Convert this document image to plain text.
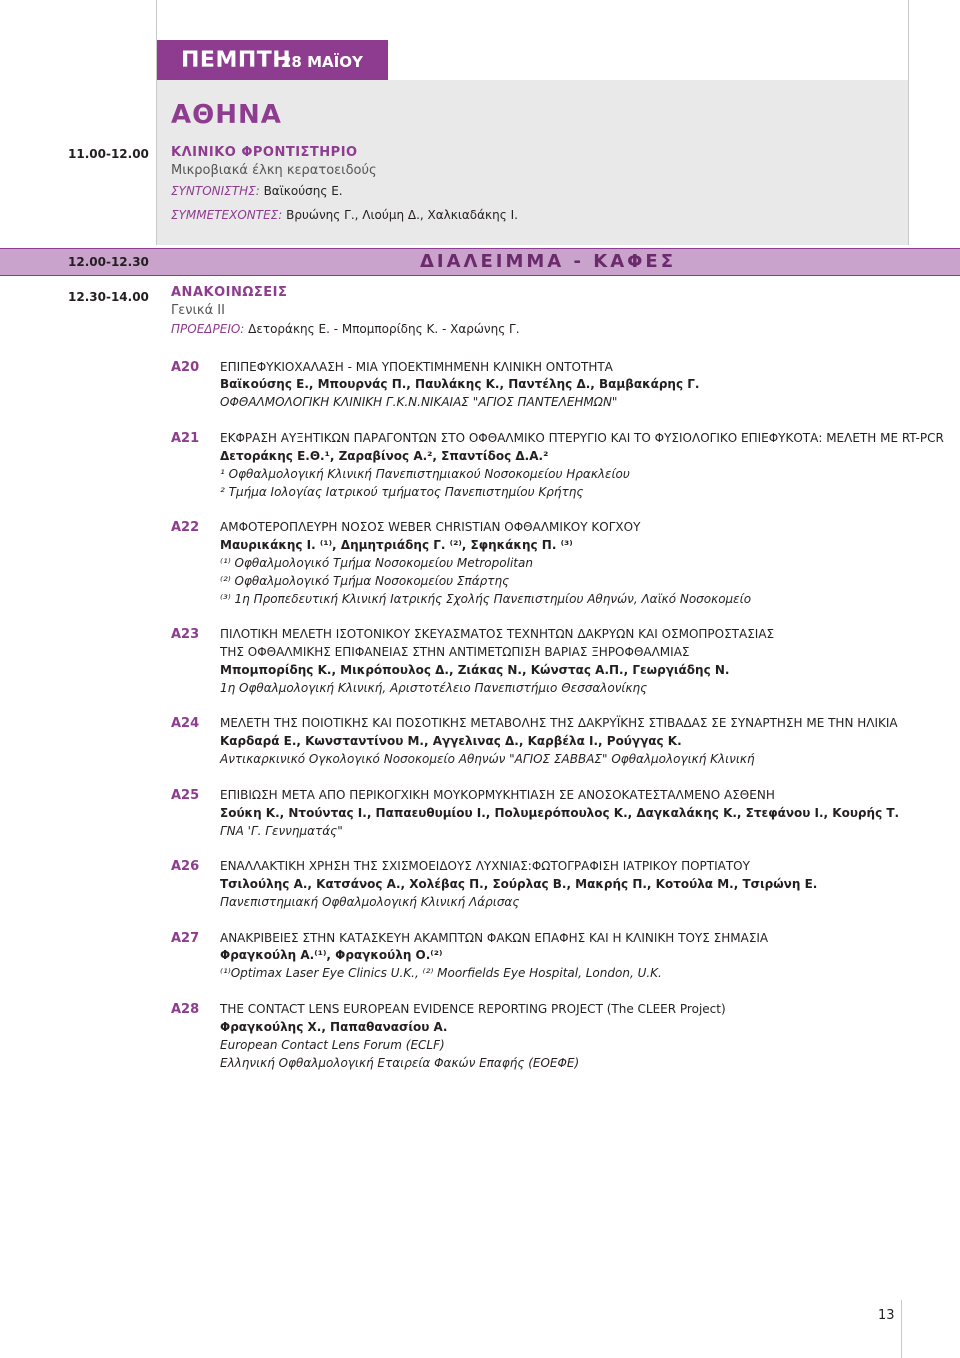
ΠΕΜΠΤΗ
28 ΜΑΪΟΥ
ΑΘΗΝΑ
11.00-12.00 ΚΛΙΝΙΚΟ ΦΡΟΝΤΙΣΤΗΡΙΟ
Μικροβιακά έλκη κερατοειδούς
ΣΥΝΤΟΝΙΣΤΗΣ: Βαϊκούσης Ε.
ΣΥΜΜΕΤΕΧΟΝΤΕΣ: Βρυώνης Γ., Λιούμη Δ., Χαλκιαδάκης Ι.
12.00-12.30	ΔΙΑΛΕΙΜΜΑ - ΚΑΦΕΣ
12.30-14.00 ΑΝΑΚΟΙΝΩΣΕΙΣ
Γενικά ΙΙ
ΠΡΟΕΔΡΕΙΟ: Δετοράκης Ε. - Μπομπορίδης Κ. - Χαρώνης Γ.
Α20 ΕΠΙΠΕΦΥΚΙΟΧΑΛΑΣΗ - ΜΙΑ ΥΠΟΕΚΤΙΜΗΜΕΝΗ ΚΛΙΝΙΚΗ ΟΝΤΟΤΗΤΑ
Βαϊκούσης Ε., Μπουρνάς Π., Παυλάκης Κ., Παντέλης Δ., Βαμβακάρης Γ.
ΟΦΘΑΛΜΟΛΟΓΙΚΗ ΚΛΙΝΙΚΗ Γ.Κ.Ν.ΝΙΚΑΙΑΣ "ΑΓΙΟΣ ΠΑΝΤΕΛΕΗΜΩΝ"
Α21 ΕΚΦΡΑΣΗ ΑΥΞΗΤΙΚΩΝ ΠΑΡΑΓΟΝΤΩΝ ΣΤΟ ΟΦΘΑΛΜΙΚΟ ΠΤΕΡΥΓΙΟ ΚΑΙ ΤΟ ΦΥΣΙΟΛΟΓΙΚΟ ΕΠΙΕΦΥΚΟΤΑ: ΜΕΛΕΤΗ ΜΕ RT-PCR
Δετοράκης Ε.Θ.¹, Ζαραβίνος Α.², Σπαντίδος Δ.Α.²
¹ Οφθαλμολογική Κλινική Πανεπιστημιακού Νοσοκομείου Ηρακλείου
² Τμήμα Ιολογίας Ιατρικού τμήματος Πανεπιστημίου Κρήτης
Α22 ΑΜΦΟΤΕΡΟΠΛΕΥΡΗ ΝΟΣΟΣ WEBER CHRISTIAN ΟΦΘΑΛΜΙΚΟΥ ΚΟΓΧΟΥ
Μαυρικάκης Ι. ⁽¹⁾, Δημητριάδης Γ. ⁽²⁾, Σφηκάκης Π. ⁽³⁾
⁽¹⁾ Οφθαλμολογικό Τμήμα Νοσοκομείου Metropolitan
⁽²⁾ Οφθαλμολογικό Τμήμα Νοσοκομείου Σπάρτης
⁽³⁾ 1η Προπεδευτική Κλινική Ιατρικής Σχολής Πανεπιστημίου Αθηνών, Λαϊκό Νοσοκομείο
Α23 ΠΙΛΟΤΙΚΗ ΜΕΛΕΤΗ ΙΣΟΤΟΝΙΚΟΥ ΣΚΕΥΑΣΜΑΤΟΣ ΤΕΧΝΗΤΩΝ ΔΑΚΡΥΩΝ ΚΑΙ ΟΣΜΟΠΡΟΣΤΑΣΙΑΣ
ΤΗΣ ΟΦΘΑΛΜΙΚΗΣ ΕΠΙΦΑΝΕΙΑΣ ΣΤΗΝ ΑΝΤΙΜΕΤΩΠΙΣΗ ΒΑΡΙΑΣ ΞΗΡΟΦΘΑΛΜΙΑΣ
Μπομπορίδης Κ., Μικρόπουλος Δ., Ζιάκας Ν., Κώνστας Α.Π., Γεωργιάδης Ν.
1η Οφθαλμολογική Κλινική, Αριστοτέλειο Πανεπιστήμιο Θεσσαλονίκης
Α24 ΜΕΛΕΤΗ ΤΗΣ ΠΟΙΟΤΙΚΗΣ ΚΑΙ ΠΟΣΟΤΙΚΗΣ ΜΕΤΑΒΟΛΗΣ ΤΗΣ ΔΑΚΡΥΪΚΗΣ ΣΤΙΒΑΔΑΣ ΣΕ ΣΥΝΑΡΤΗΣΗ ΜΕ ΤΗΝ ΗΛΙΚΙΑ
Καρδαρά Ε., Κωνσταντίνου Μ., Αγγελινας Δ., Καρβέλα Ι., Ρούγγας Κ.
Αντικαρκινικό Ογκολογικό Νοσοκομείο Αθηνών "ΑΓΙΟΣ ΣΑΒΒΑΣ" Οφθαλμολογική Κλινική
Α25 ΕΠΙΒΙΩΣΗ ΜΕΤΑ ΑΠΟ ΠΕΡΙΚΟΓΧΙΚΗ ΜΟΥΚΟΡΜΥΚΗΤΙΑΣΗ ΣΕ ΑΝΟΣΟΚΑΤΕΣΤΑΛΜΕΝΟ ΑΣΘΕΝΗ
Σούκη Κ., Ντούντας Ι., Παπαευθυμίου Ι., Πολυμερόπουλος Κ., Δαγκαλάκης Κ., Στεφάνου Ι., Κουρής Τ.
ΓΝΑ 'Γ. Γεννηματάς"
Α26 ΕΝΑΛΛΑΚΤΙΚΗ ΧΡΗΣΗ ΤΗΣ ΣΧΙΣΜΟΕΙΔΟΥΣ ΛΥΧΝΙΑΣ:ΦΩΤΟΓΡΑΦΙΣΗ ΙΑΤΡΙΚΟΥ ΠΟΡΤΙΑΤΟΥ
Τσιλούλης Α., Κατσάνος Α., Χολέβας Π., Σούρλας Β., Μακρής Π., Κοτούλα Μ., Τσιρώνη Ε.
Πανεπιστημιακή Οφθαλμολογική Κλινική Λάρισας
Α27 ΑΝΑΚΡΙΒΕΙΕΣ ΣΤΗΝ ΚΑΤΑΣΚΕΥΗ ΑΚΑΜΠΤΩΝ ΦΑΚΩΝ ΕΠΑΦΗΣ ΚΑΙ Η ΚΛΙΝΙΚΗ ΤΟΥΣ ΣΗΜΑΣΙΑ
Φραγκούλη Α.⁽¹⁾, Φραγκούλη Ο.⁽²⁾
⁽¹⁾Optimax Laser Eye Clinics U.K., ⁽²⁾ Moorfields Eye Hospital, London, U.K.
Α28 THE CONTACT LENS EUROPEAN EVIDENCE REPORTING PROJECT (The CLEER Project)
Φραγκούλης Χ., Παπαθανασίου Α.
European Contact Lens Forum (ECLF)
Ελληνική Οφθαλμολογική Εταιρεία Φακών Επαφής (ΕΟΕΦΕ)
13
